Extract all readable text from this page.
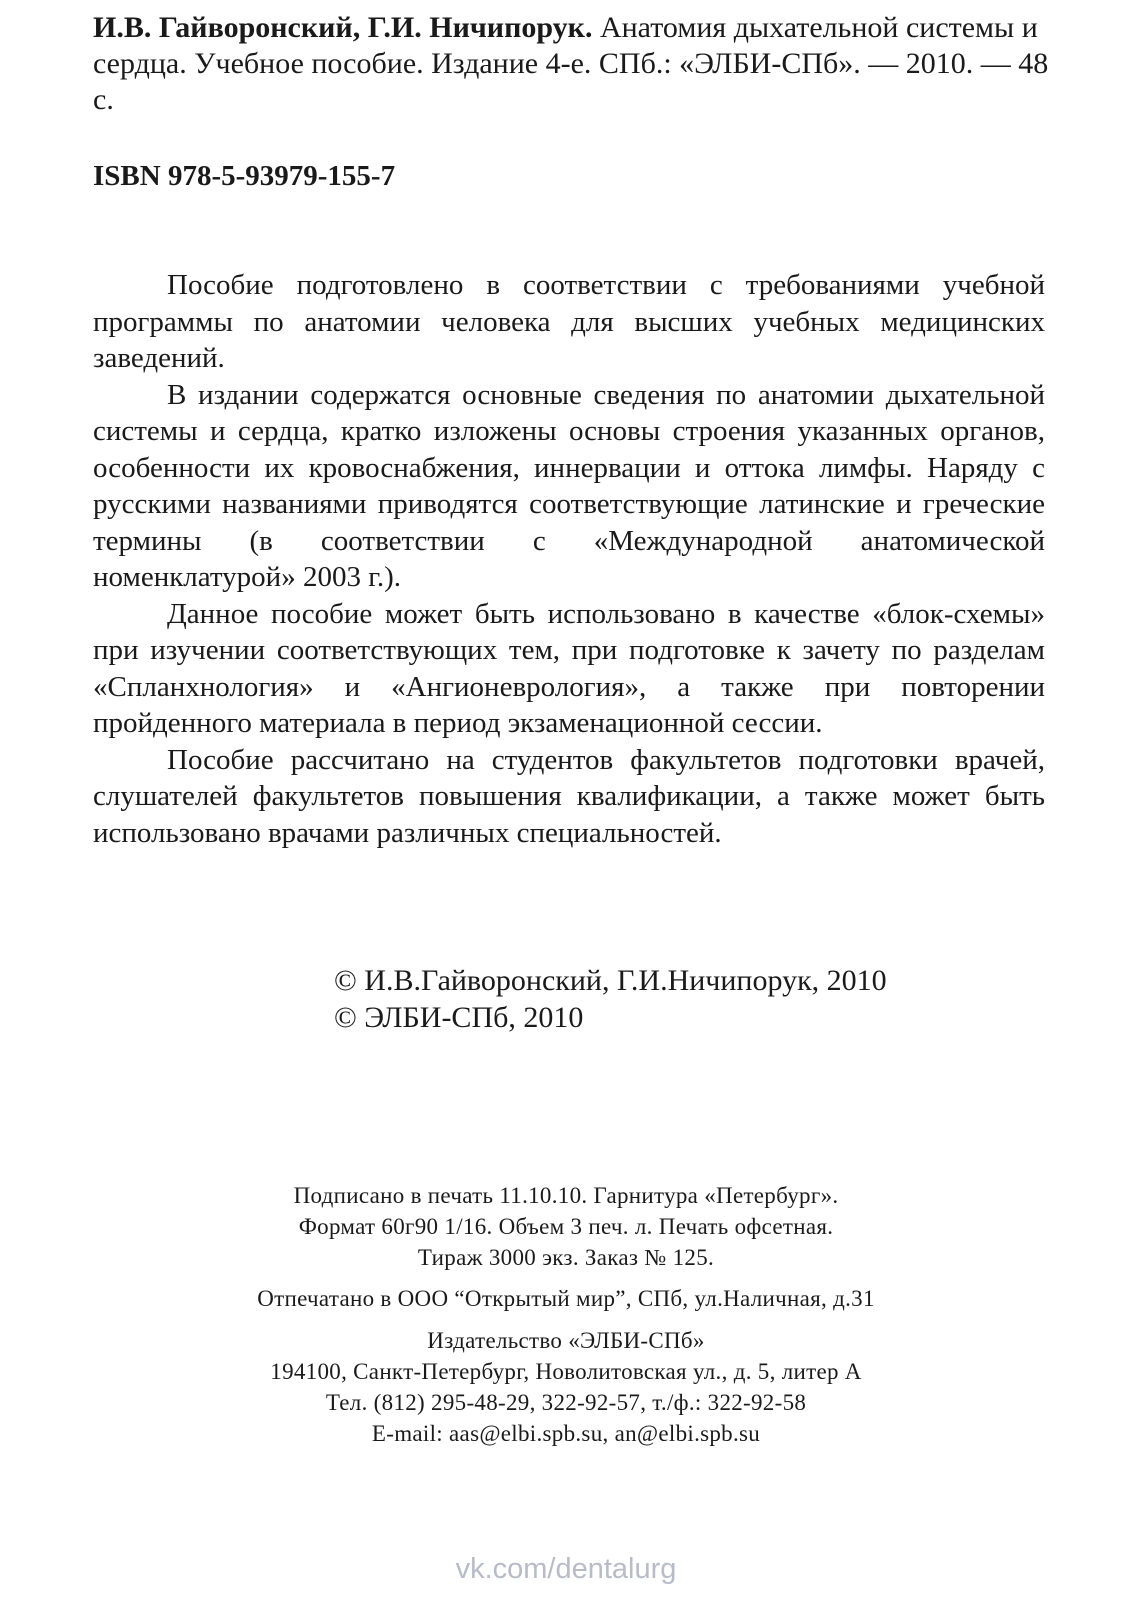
И.В. Гайворонский, Г.И. Ничипорук. Анатомия дыхательной системы и сердца. Учебное пособие. Издание 4-е. СПб.: «ЭЛБИ-СПб». — 2010. — 48 с.
ISBN 978-5-93979-155-7

Пособие подготовлено в соответствии с требованиями учебной программы по анатомии человека для высших учебных медицинских заведений.

В издании содержатся основные сведения по анатомии дыхательной системы и сердца, кратко изложены основы строения указанных органов, особенности их кровоснабжения, иннервации и оттока лимфы. Наряду с русскими названиями приводятся соответствующие латинские и греческие термины (в соответствии с «Международной анатомической номенклатурой» 2003 г.).

Данное пособие может быть использовано в качестве «блок-схемы» при изучении соответствующих тем, при подготовке к зачету по разделам «Спланхнология» и «Ангионеврология», а также при повторении пройденного материала в период экзаменационной сессии.

Пособие рассчитано на студентов факультетов подготовки врачей, слушателей факультетов повышения квалификации, а также может быть использовано врачами различных специальностей.

© И.В.Гайворонский, Г.И.Ничипорук, 2010
© ЭЛБИ-СПб, 2010
Подписано в печать 11.10.10. Гарнитура «Петербург».
Формат 60г90 1/16. Объем 3 печ. л. Печать офсетная.
Тираж 3000 экз. Заказ № 125.
Отпечатано в ООО “Открытый мир”, СПб, ул.Наличная, д.31
Издательство «ЭЛБИ-СПб»
194100, Санкт-Петербург, Новолитовская ул., д. 5, литер А
Тел. (812) 295-48-29, 322-92-57, т./ф.: 322-92-58
E-mail: aas@elbi.spb.su, an@elbi.spb.su
vk.com/dentalurg
